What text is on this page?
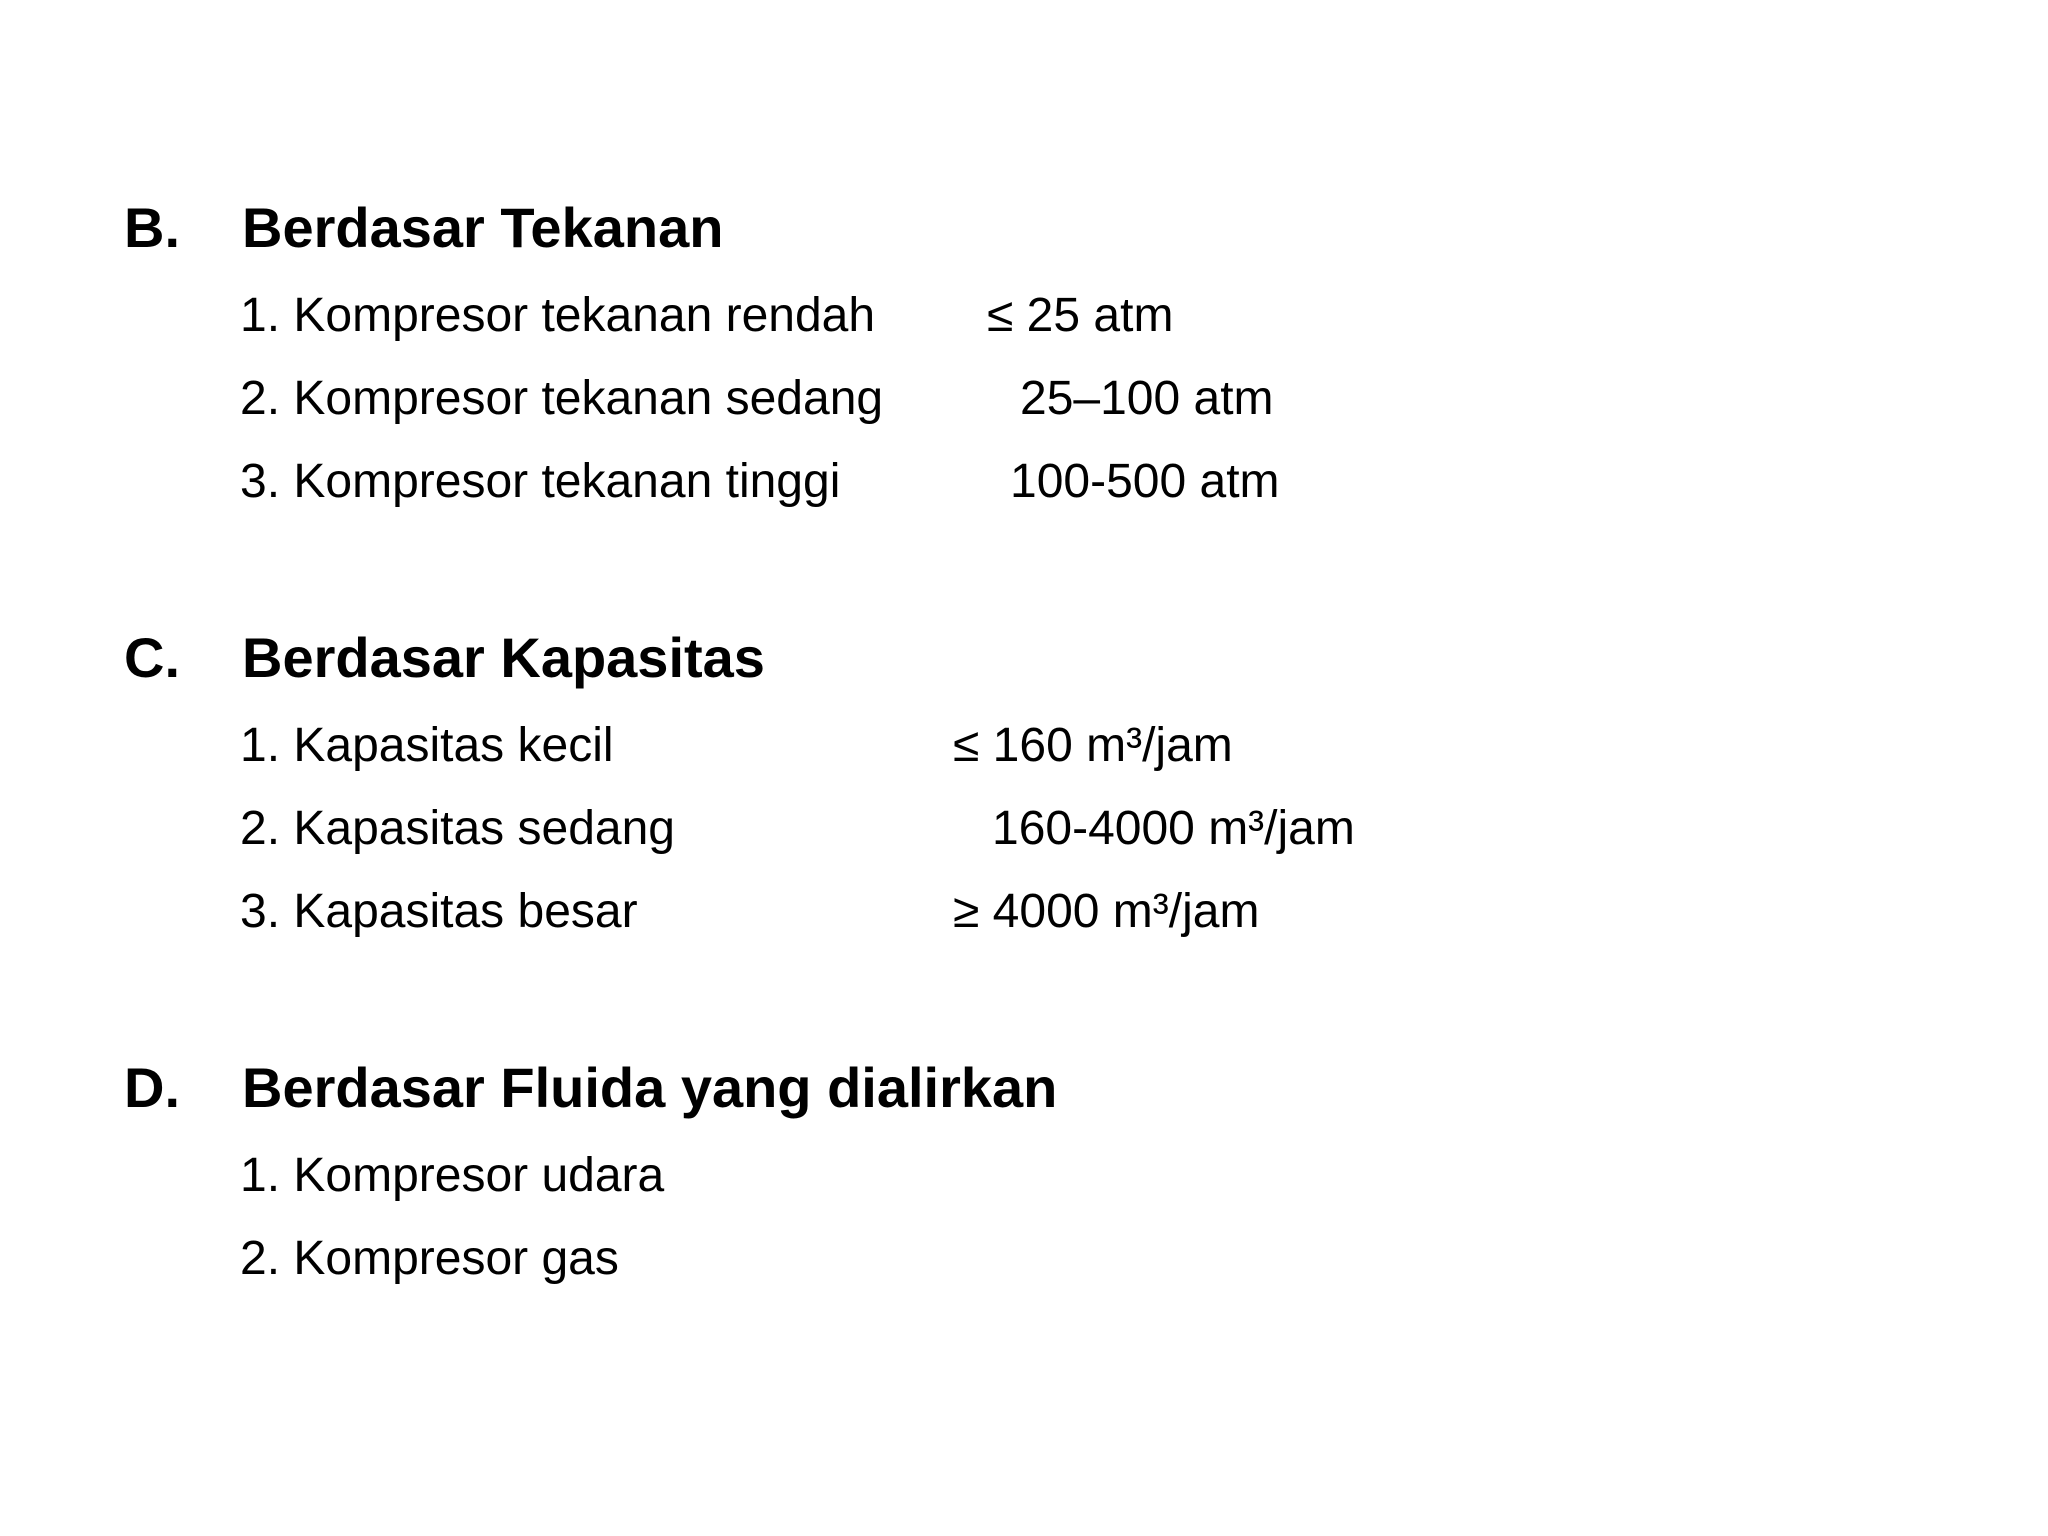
B. Berdasar Tekanan
1. Kompresor tekanan rendah ≤ 25 atm
2. Kompresor tekanan sedang	25–100 atm
3. Kompresor tekanan tinggi	100-500 atm
C. Berdasar Kapasitas
1. Kapasitas kecil	≤ 160 m³/jam
2. Kapasitas sedang	160-4000 m³/jam
3. Kapasitas besar	≥ 4000 m³/jam
D. Berdasar Fluida yang dialirkan
1. Kompresor udara
2. Kompresor gas
